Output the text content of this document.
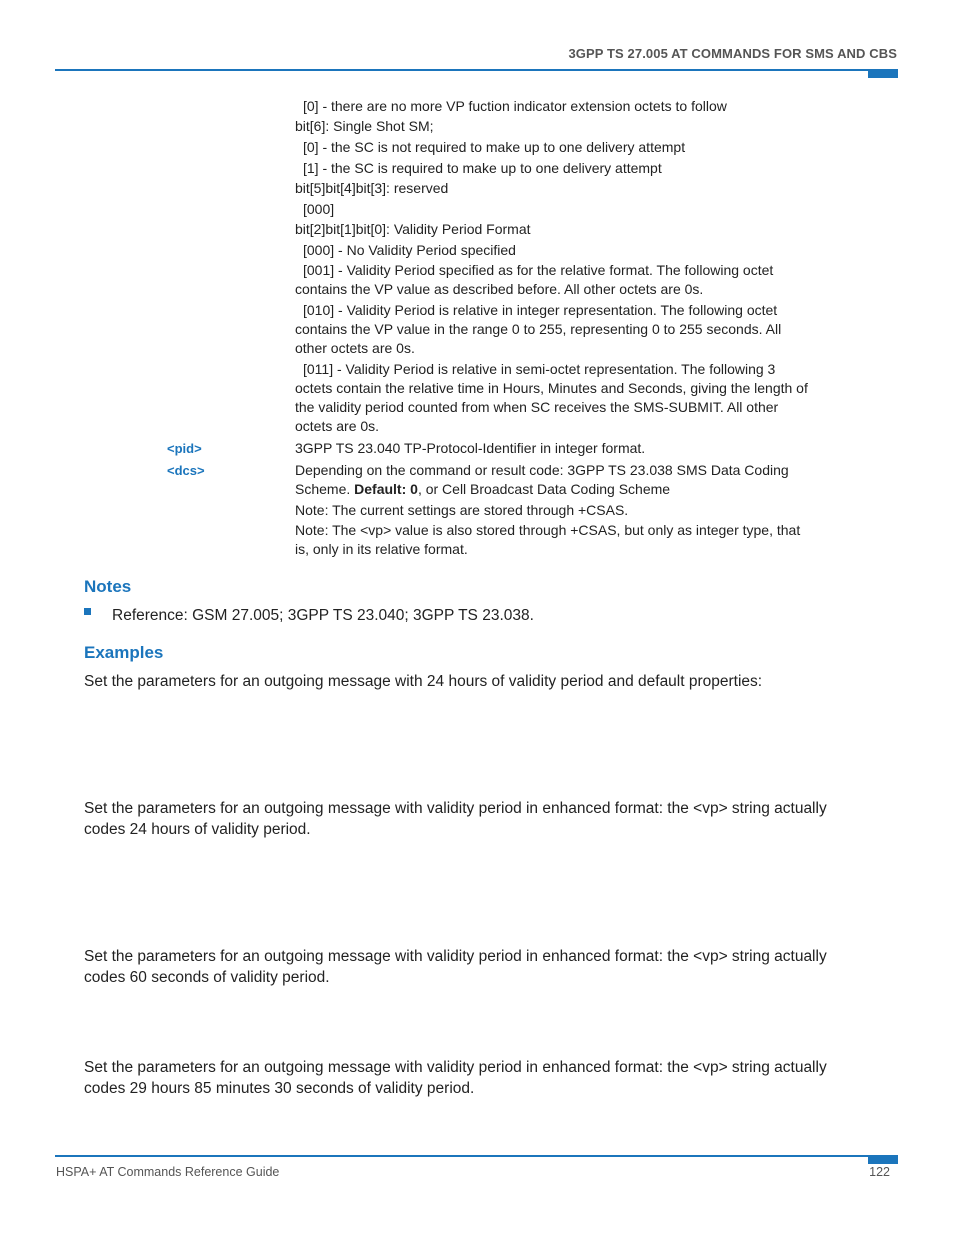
3GPP TS 27.005 AT COMMANDS FOR SMS AND CBS
[0] - there are no more VP fuction indicator extension octets to follow
bit[6]: Single Shot SM;
[0] - the SC is not required to make up to one delivery attempt
[1] - the SC is required to make up to one delivery attempt
bit[5]bit[4]bit[3]: reserved
[000]
bit[2]bit[1]bit[0]: Validity Period Format
[000] - No Validity Period specified
[001] - Validity Period specified as for the relative format. The following octet contains the VP value as described before. All other octets are 0s.
[010] - Validity Period is relative in integer representation. The following octet contains the VP value in the range 0 to 255, representing 0 to 255 seconds. All other octets are 0s.
[011] - Validity Period is relative in semi-octet representation. The following 3 octets contain the relative time in Hours, Minutes and Seconds, giving the length of the validity period counted from when SC receives the SMS-SUBMIT. All other octets are 0s.
<pid>	3GPP TS 23.040 TP-Protocol-Identifier in integer format.
<dcs>	Depending on the command or result code: 3GPP TS 23.038 SMS Data Coding Scheme. Default: 0, or Cell Broadcast Data Coding Scheme
Note: The current settings are stored through +CSAS.
Note: The <vp> value is also stored through +CSAS, but only as integer type, that is, only in its relative format.
Notes
Reference: GSM 27.005; 3GPP TS 23.040; 3GPP TS 23.038.
Examples
Set the parameters for an outgoing message with 24 hours of validity period and default properties:
Set the parameters for an outgoing message with validity period in enhanced format: the <vp> string actually codes 24 hours of validity period.
Set the parameters for an outgoing message with validity period in enhanced format: the <vp> string actually codes 60 seconds of validity period.
Set the parameters for an outgoing message with validity period in enhanced format: the <vp> string actually codes 29 hours 85 minutes 30 seconds of validity period.
HSPA+ AT Commands Reference Guide	122
